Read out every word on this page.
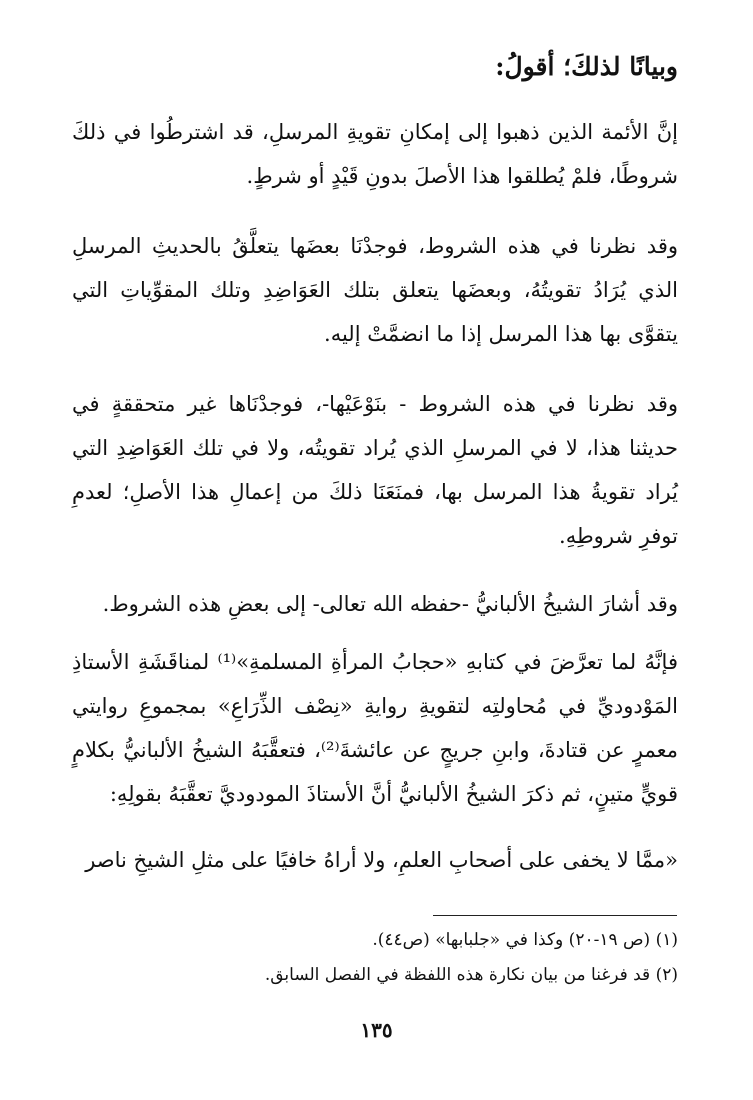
وبيانًا لذلكَ؛ أقولُ:

إنَّ الأئمة الذين ذهبوا إلى إمكانِ تقويةِ المرسلِ، قد اشترطُوا في ذلكَ شروطًا، فلمْ يُطلقوا هذا الأصلَ بدونِ قَيْدٍ أو شرطٍ.

وقد نظرنا في هذه الشروط، فوجدْنَا بعضَها يتعلَّقُ بالحديثِ المرسلِ الذي يُرَادُ تقويتُهُ، وبعضَها يتعلق بتلك العَوَاضِدِ وتلك المقوِّياتِ التي يتقوَّى بها هذا المرسل إذا ما انضمَّتْ إليه.

وقد نظرنا في هذه الشروط - بنَوْعَيْها-، فوجدْنَاها غير متحققةٍ في حديثنا هذا، لا في المرسلِ الذي يُراد تقويتُه، ولا في تلك العَوَاضِدِ التي يُراد تقويةُ هذا المرسل بها، فمنَعَنَا ذلكَ من إعمالِ هذا الأصلِ؛ لعدمِ توفرِ شروطِهِ.

وقد أشارَ الشيخُ الألبانيُّ -حفظه الله تعالى- إلى بعضِ هذه الشروط.

فإنَّهُ لما تعرَّضَ في كتابهِ «حجابُ المرأةِ المسلمةِ»⁽¹⁾ لمناقَشَةِ الأستاذِ المَوْدوديِّ في مُحاولتِه لتقويةِ روايةِ «نِصْف الذِّرَاعِ» بمجموعِ روايتي معمرٍ عن قتادةَ، وابنِ جريجٍ عن عائشةَ⁽²⁾، فتعقَّبَهُ الشيخُ الألبانيُّ بكلامٍ قويٍّ متينٍ، ثم ذكرَ الشيخُ الألبانيُّ أنَّ الأستاذَ المودوديَّ تعقَّبَهُ بقولِهِ:

«ممَّا لا يخفى على أصحابِ العلمِ، ولا أراهُ خافيًا على مثلِ الشيخِ ناصر

(١) (ص ١٩-٢٠) وكذا في «جلبابها» (ص٤٤).
(٢) قد فرغنا من بيان نكارة هذه اللفظة في الفصل السابق.
١٣٥
